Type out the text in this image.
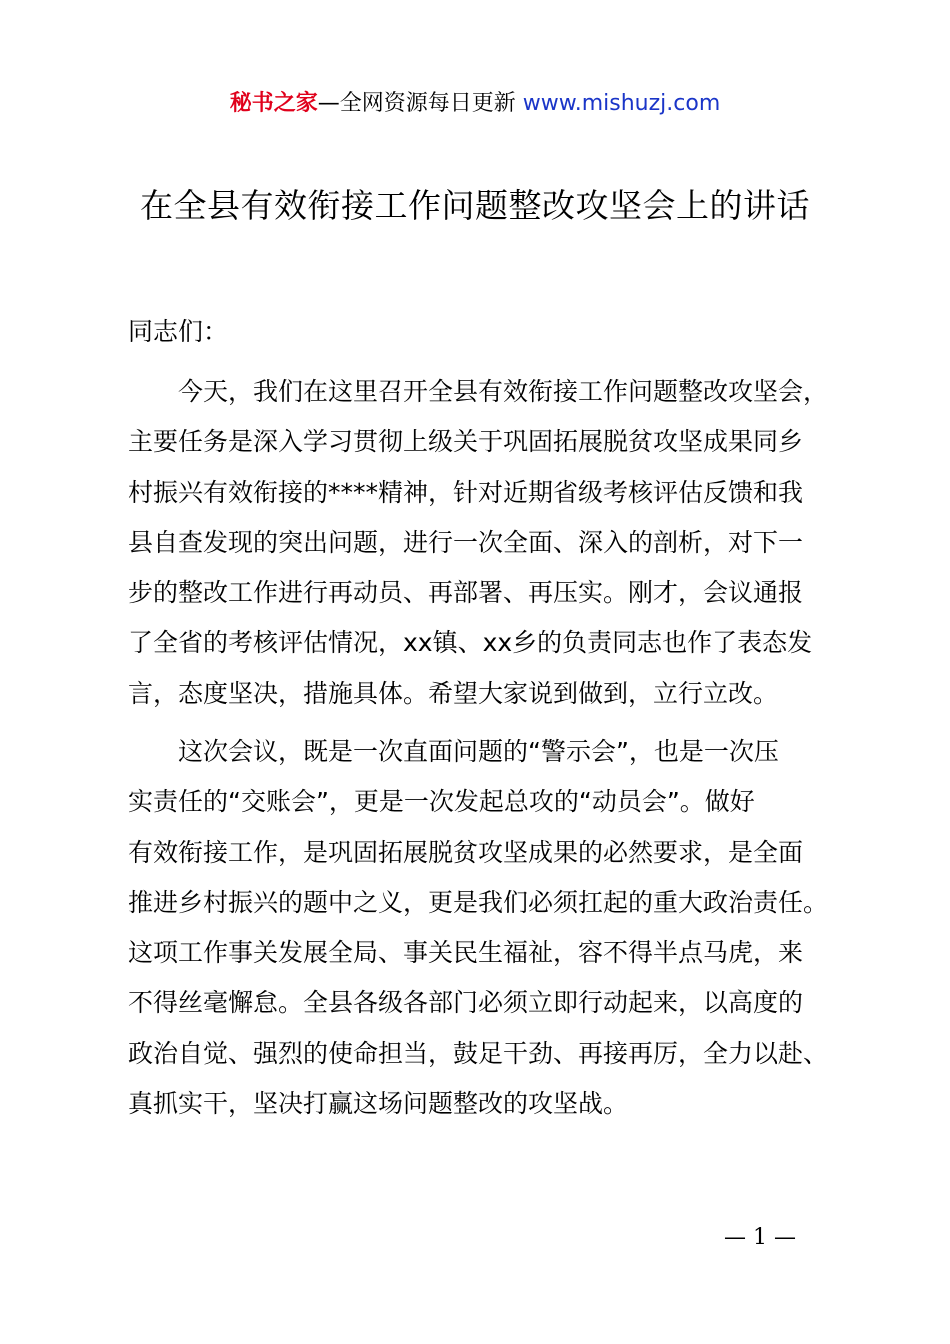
秘书之家—全网资源每日更新 www.mishuzj.com
在全县有效衔接工作问题整改攻坚会上的讲话
同志们：
今天，我们在这里召开全县有效衔接工作问题整改攻坚会，
主要任务是深入学习贯彻上级关于巩固拓展脱贫攻坚成果同乡
村振兴有效衔接的****精神，针对近期省级考核评估反馈和我
县自查发现的突出问题，进行一次全面、深入的剖析，对下一
步的整改工作进行再动员、再部署、再压实。刚才，会议通报
了全省的考核评估情况，xx镇、xx乡的负责同志也作了表态发
言，态度坚决，措施具体。希望大家说到做到，立行立改。
这次会议，既是一次直面问题的“警示会”，也是一次压
实责任的“交账会”，更是一次发起总攻的“动员会”。做好
有效衔接工作，是巩固拓展脱贫攻坚成果的必然要求，是全面
推进乡村振兴的题中之义，更是我们必须扛起的重大政治责任。
这项工作事关发展全局、事关民生福祉，容不得半点马虎，来
不得丝毫懈怠。全县各级各部门必须立即行动起来，以高度的
政治自觉、强烈的使命担当，鼓足干劲、再接再厉，全力以赴、
真抓实干，坚决打赢这场问题整改的攻坚战。
— 1 —
